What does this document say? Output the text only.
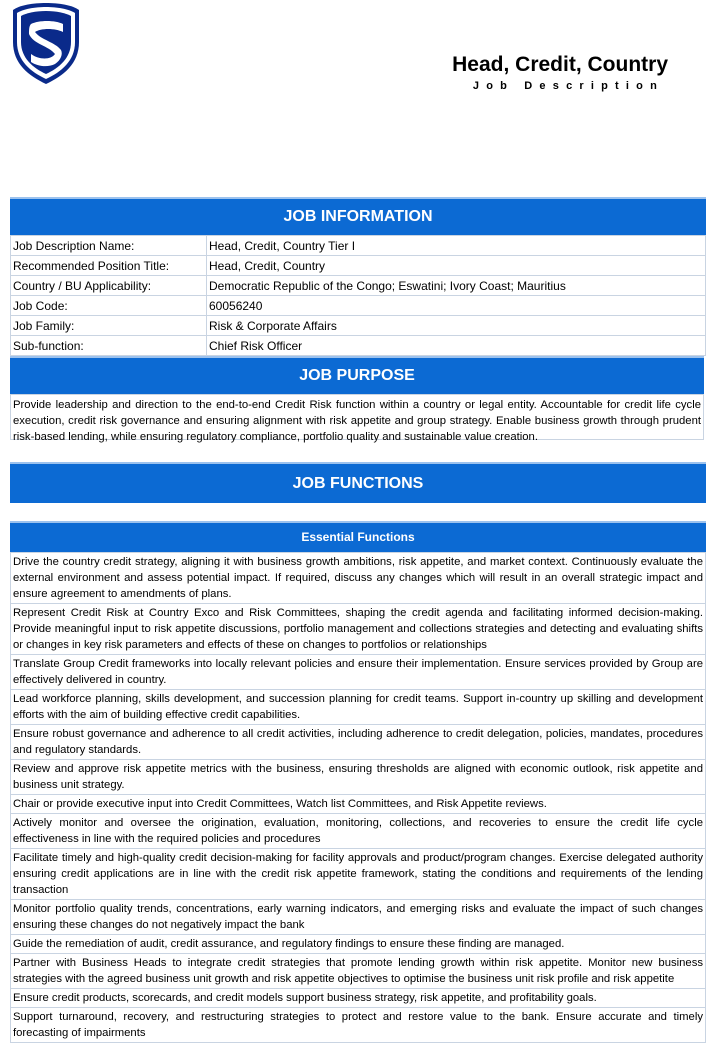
Head, Credit, Country
Job Description
JOB INFORMATION
Job Description Name:	Head, Credit, Country Tier I
Recommended Position Title:	Head, Credit, Country
Country / BU Applicability:	Democratic Republic of the Congo; Eswatini; Ivory Coast; Mauritius
Job Code:	60056240
Job Family:	Risk & Corporate Affairs
Sub-function:	Chief Risk Officer
JOB PURPOSE
Provide leadership and direction to the end-to-end Credit Risk function within a country or legal entity. Accountable for credit life cycle execution, credit risk governance and ensuring alignment with risk appetite and group strategy. Enable business growth through prudent risk-based lending, while ensuring regulatory compliance, portfolio quality and sustainable value creation.
JOB FUNCTIONS
Essential Functions
Drive the country credit strategy, aligning it with business growth ambitions, risk appetite, and market context. Continuously evaluate the external environment and assess potential impact. If required, discuss any changes which will result in an overall strategic impact and ensure agreement to amendments of plans.
Represent Credit Risk at Country Exco and Risk Committees, shaping the credit agenda and facilitating informed decision-making. Provide meaningful input to risk appetite discussions, portfolio management and collections strategies and detecting and evaluating shifts or changes in key risk parameters and effects of these on changes to portfolios or relationships
Translate Group Credit frameworks into locally relevant policies and ensure their implementation. Ensure services provided by Group are effectively delivered in country.
Lead workforce planning, skills development, and succession planning for credit teams. Support in-country up skilling and development efforts with the aim of building effective credit capabilities.
Ensure robust governance and adherence to all credit activities, including adherence to credit delegation, policies, mandates, procedures and regulatory standards.
Review and approve risk appetite metrics with the business, ensuring thresholds are aligned with economic outlook, risk appetite and business unit strategy.
Chair or provide executive input into Credit Committees, Watch list Committees, and Risk Appetite reviews.
Actively monitor and oversee the origination, evaluation, monitoring, collections, and recoveries to ensure the credit life cycle effectiveness in line with the required policies and procedures
Facilitate timely and high-quality credit decision-making for facility approvals and product/program changes. Exercise delegated authority ensuring credit applications are in line with the credit risk appetite framework, stating the conditions and requirements of the lending transaction
Monitor portfolio quality trends, concentrations, early warning indicators, and emerging risks and evaluate the impact of such changes ensuring these changes do not negatively impact the bank
Guide the remediation of audit, credit assurance, and regulatory findings to ensure these finding are managed.
Partner with Business Heads to integrate credit strategies that promote lending growth within risk appetite. Monitor new business strategies with the agreed business unit growth and risk appetite objectives to optimise the business unit risk profile and risk appetite
Ensure credit products, scorecards, and credit models support business strategy, risk appetite, and profitability goals.
Support turnaround, recovery, and restructuring strategies to protect and restore value to the bank. Ensure accurate and timely forecasting of impairments
